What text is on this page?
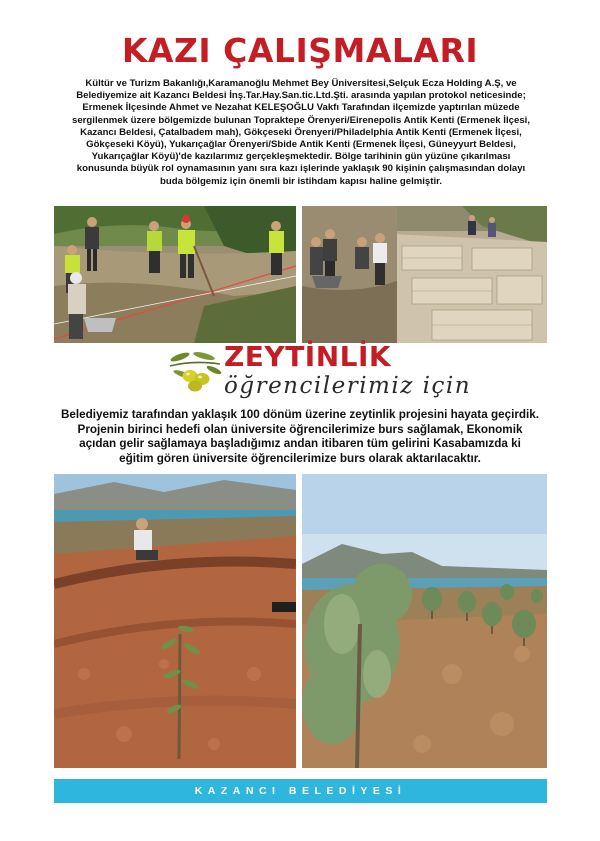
KAZI ÇALIŞMALARI
Kültür ve Turizm Bakanlığı,Karamanoğlu Mehmet Bey Üniversitesi,Selçuk Ecza Holding A.Ş, ve
Belediyemize ait Kazancı Beldesi İnş.Tar.Hay.San.tic.Ltd.Şti. arasında yapılan protokol neticesinde;
Ermenek İlçesinde Ahmet ve Nezahat KELEŞOĞLU Vakfı Tarafından ilçemizde yaptırılan müzede
sergilenmek üzere bölgemizde bulunan Topraktepe Örenyeri/Eirenepolis Antik Kenti (Ermenek İlçesi,
Kazancı Beldesi, Çatalbadem mah), Gökçeseki Örenyeri/Philadelphia Antik Kenti (Ermenek İlçesi,
Gökçeseki Köyü), Yukarıçağlar Örenyeri/Sbide Antik Kenti (Ermenek İlçesi, Güneyyurt Beldesi,
Yukarıçağlar Köyü)'de kazılarımız gerçekleşmektedir. Bölge tarihinin gün yüzüne çıkarılması
konusunda büyük rol oynamasının yanı sıra kazı işlerinde yaklaşık 90 kişinin çalışmasından dolayı
buda bölgemiz için önemli bir istihdam kapısı haline gelmiştir.
ZEYTİNLİK
öğrencilerimiz için
Belediyemiz tarafından yaklaşık 100 dönüm üzerine zeytinlik projesini hayata geçirdik.
Projenin birinci hedefi olan üniversite öğrencilerimize burs sağlamak, Ekonomik
açıdan gelir sağlamaya başladığımız andan itibaren tüm gelirini Kasabamızda ki
eğitim gören üniversite öğrencilerimize burs olarak aktarılacaktır.
KAZANCI BELEDİYESİ
